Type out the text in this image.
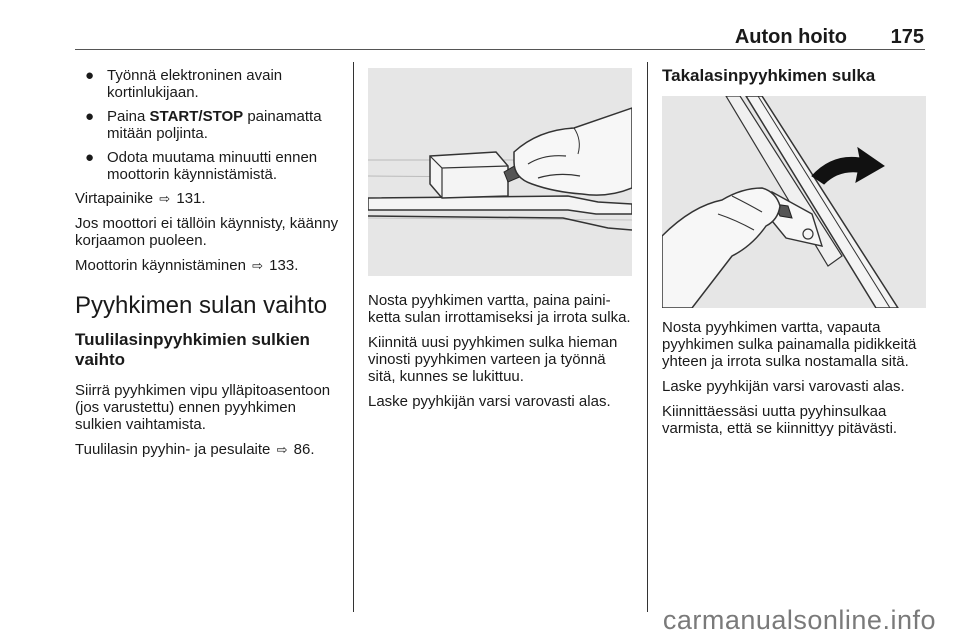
Auton hoito 175
● Työnnä elektroninen avain kortinlukijaan.
● Paina START/STOP painamatta mitään poljinta.
● Odota muutama minuutti ennen moottorin käynnistämistä.

Virtapainike ⇨ 131.

Jos moottori ei tällöin käynnisty, käänny korjaamon puoleen.

Moottorin käynnistäminen ⇨ 133.

Pyyhkimen sulan vaihto
Tuulilasinpyyhkimien sulkien vaihto

Siirrä pyyhkimen vipu ylläpitoasentoon (jos varustettu) ennen pyyhkimen sulkien vaihtamista.

Tuulilasin pyyhin- ja pesulaite ⇨ 86.

Nosta pyyhkimen vartta, paina painiketta sulan irrottamiseksi ja irrota sulka.

Kiinnitä uusi pyyhkimen sulka hieman vinosti pyyhkimen varteen ja työnnä sitä, kunnes se lukittuu.

Laske pyyhkijän varsi varovasti alas.

Takalasinpyyhkimen sulka

Nosta pyyhkimen vartta, vapauta pyyhkimen sulka painamalla pidikkeitä yhteen ja irrota sulka nostamalla sitä.

Laske pyyhkijän varsi varovasti alas.

Kiinnittäessäsi uutta pyyhinsulkaa varmista, että se kiinnittyy pitävästi.

carmanualsonline.info
